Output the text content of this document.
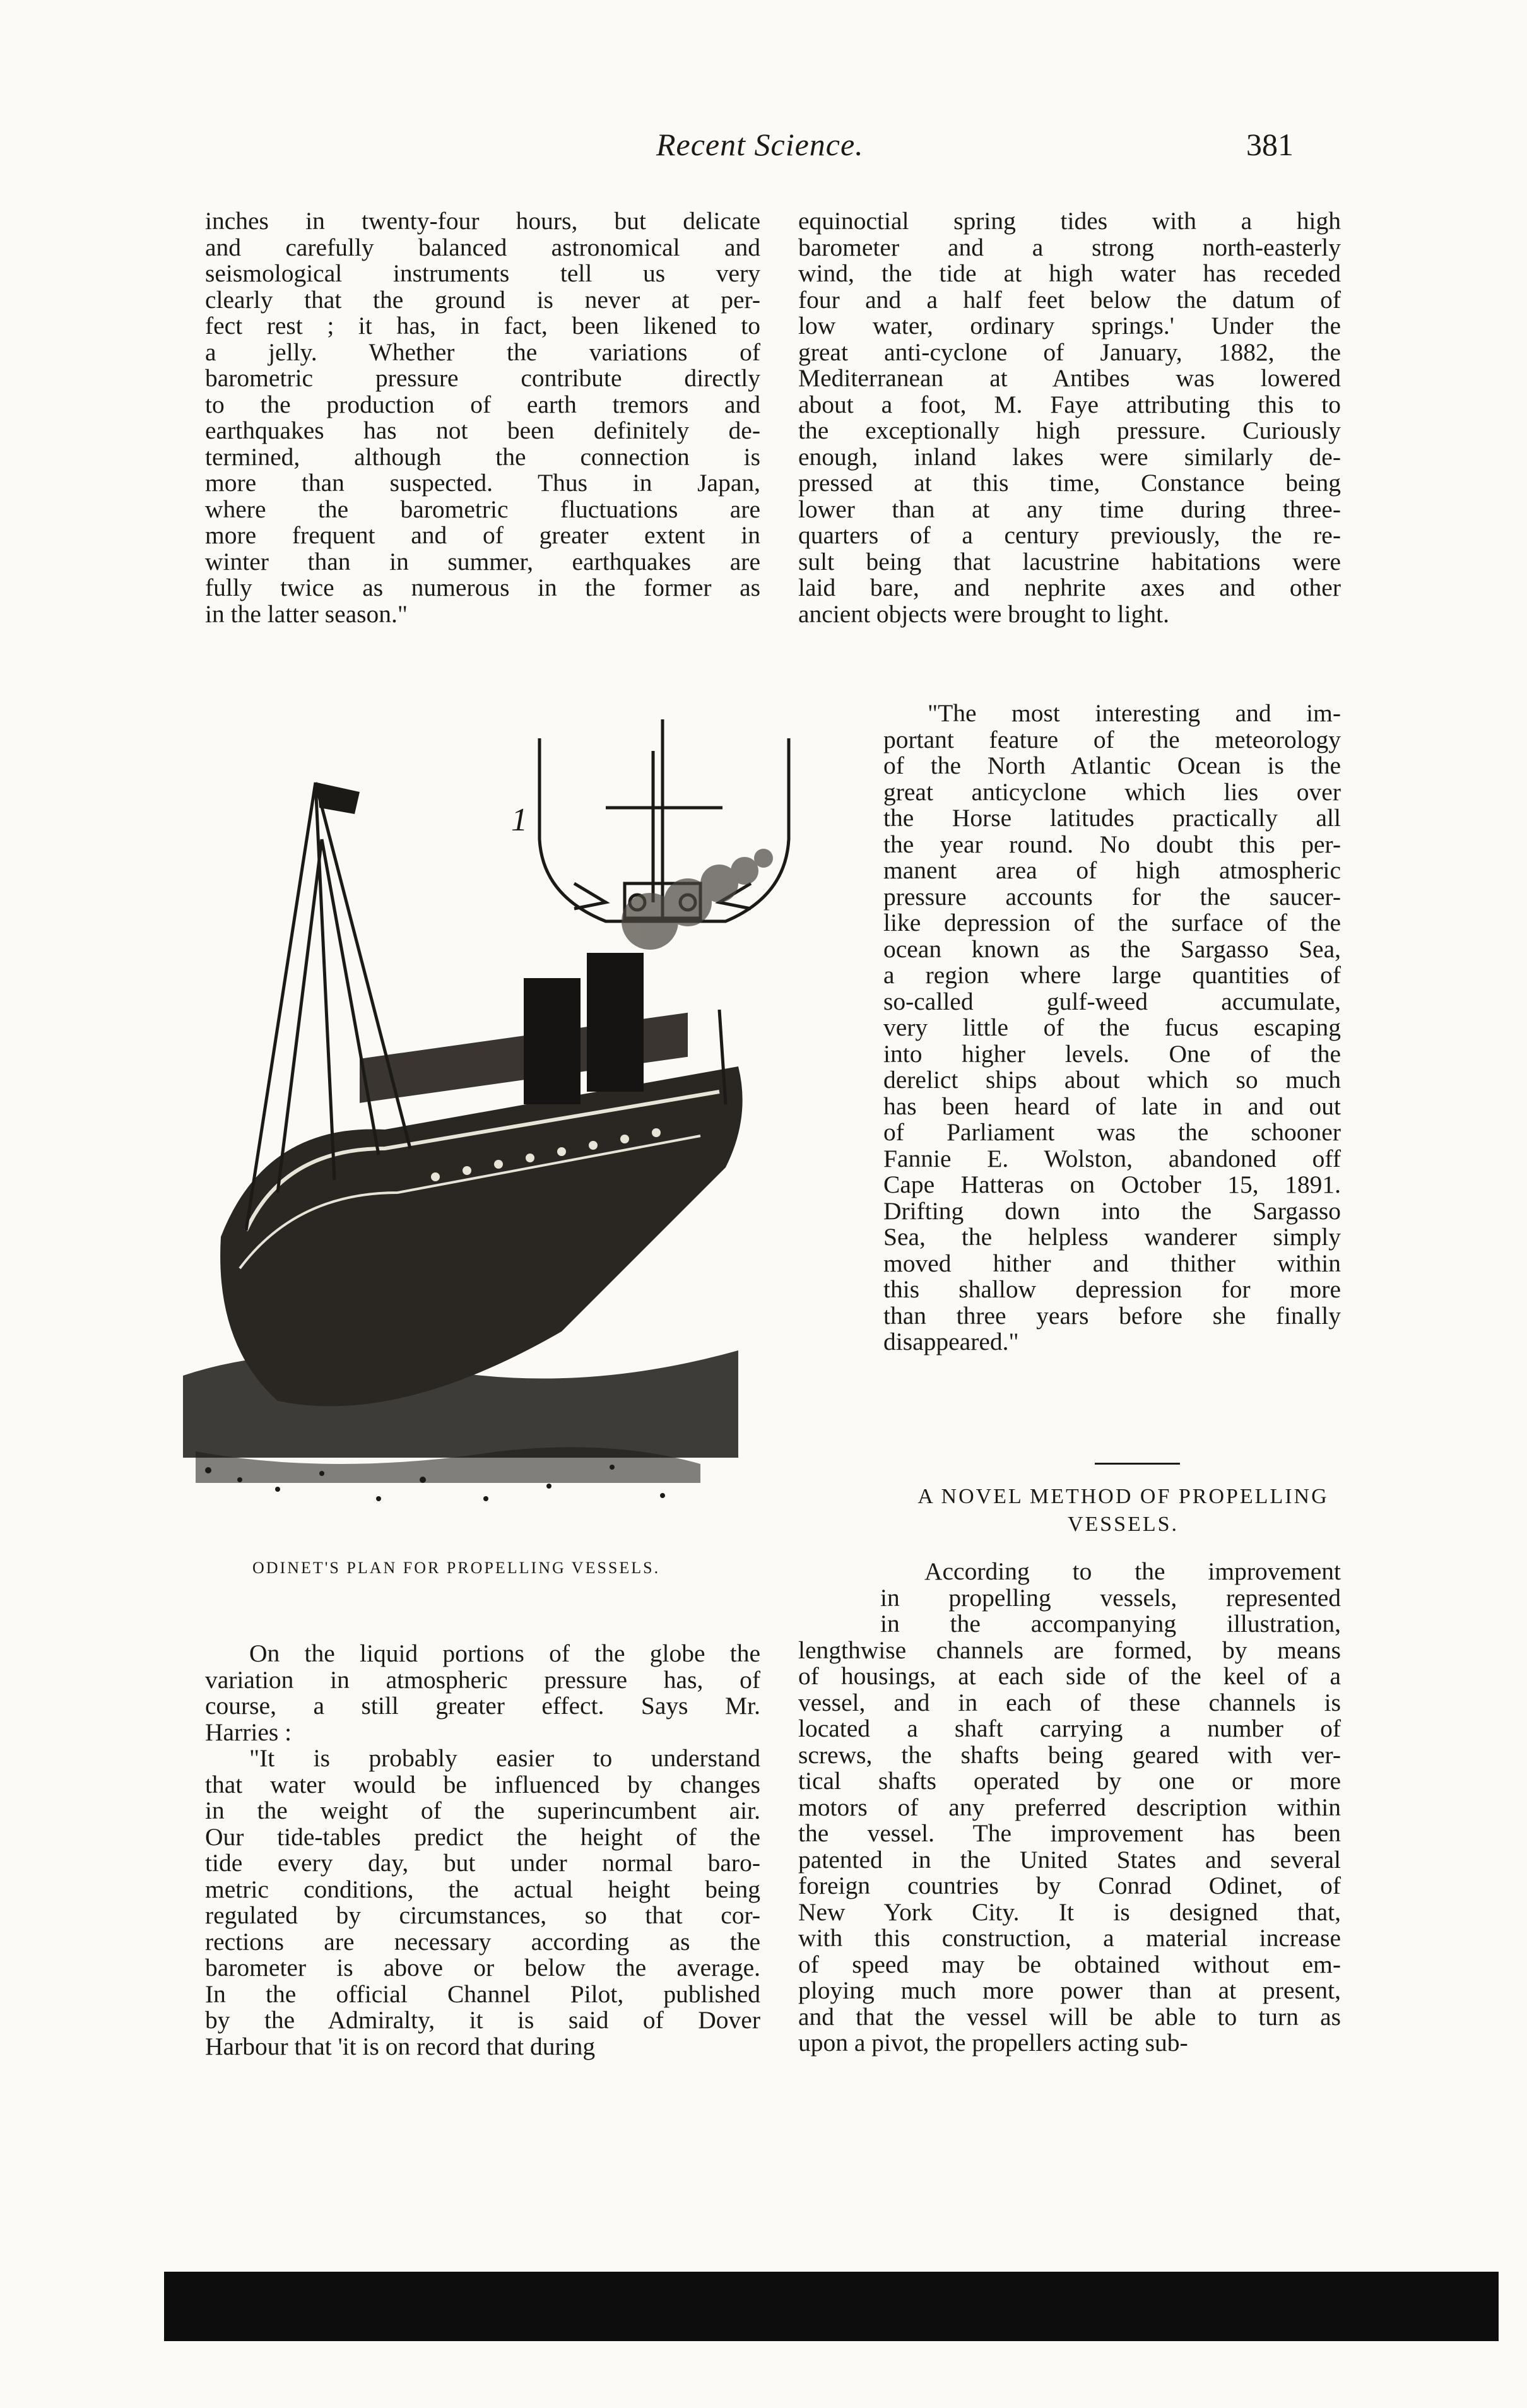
Recent Science.	381
inches in twenty-four hours, but delicate
and carefully balanced astronomical and
seismological instruments tell us very
clearly that the ground is never at per-
fect rest ; it has, in fact, been likened to
a jelly. Whether the variations of
barometric pressure contribute directly
to the production of earth tremors and
earthquakes has not been definitely de-
termined, although the connection is
more than suspected. Thus in Japan,
where the barometric fluctuations are
more frequent and of greater extent in
winter than in summer, earthquakes are
fully twice as numerous in the former as
in the latter season."
equinoctial spring tides with a high
barometer and a strong north-easterly
wind, the tide at high water has receded
four and a half feet below the datum of
low water, ordinary springs.' Under the
great anti-cyclone of January, 1882, the
Mediterranean at Antibes was lowered
about a foot, M. Faye attributing this to
the exceptionally high pressure. Curiously
enough, inland lakes were similarly de-
pressed at this time, Constance being
lower than at any time during three-
quarters of a century previously, the re-
sult being that lacustrine habitations were
laid bare, and nephrite axes and other
ancient objects were brought to light.
"The most interesting and im-
portant feature of the meteorology
of the North Atlantic Ocean is the
great anticyclone which lies over
the Horse latitudes practically all
the year round. No doubt this per-
manent area of high atmospheric
pressure accounts for the saucer-
like depression of the surface of the
ocean known as the Sargasso Sea,
a region where large quantities of
so-called gulf-weed accumulate,
very little of the fucus escaping
into higher levels. One of the
derelict ships about which so much
has been heard of late in and out
of Parliament was the schooner
Fannie E. Wolston, abandoned off
Cape Hatteras on October 15, 1891.
Drifting down into the Sargasso
Sea, the helpless wanderer simply
moved hither and thither within
this shallow depression for more
than three years before she finally
disappeared."
1
ODINET'S PLAN FOR PROPELLING VESSELS.
A NOVEL METHOD OF PROPELLING
VESSELS.
According to the improvement
in propelling vessels, represented
in the accompanying illustration,
lengthwise channels are formed, by means
of housings, at each side of the keel of a
vessel, and in each of these channels is
located a shaft carrying a number of
screws, the shafts being geared with ver-
tical shafts operated by one or more
motors of any preferred description within
the vessel. The improvement has been
patented in the United States and several
foreign countries by Conrad Odinet, of
New York City. It is designed that,
with this construction, a material increase
of speed may be obtained without em-
ploying much more power than at present,
and that the vessel will be able to turn as
upon a pivot, the propellers acting sub-
On the liquid portions of the globe the
variation in atmospheric pressure has, of
course, a still greater effect. Says Mr.
Harries :
"It is probably easier to understand
that water would be influenced by changes
in the weight of the superincumbent air.
Our tide-tables predict the height of the
tide every day, but under normal baro-
metric conditions, the actual height being
regulated by circumstances, so that cor-
rections are necessary according as the
barometer is above or below the average.
In the official Channel Pilot, published
by the Admiralty, it is said of Dover
Harbour that 'it is on record that during
